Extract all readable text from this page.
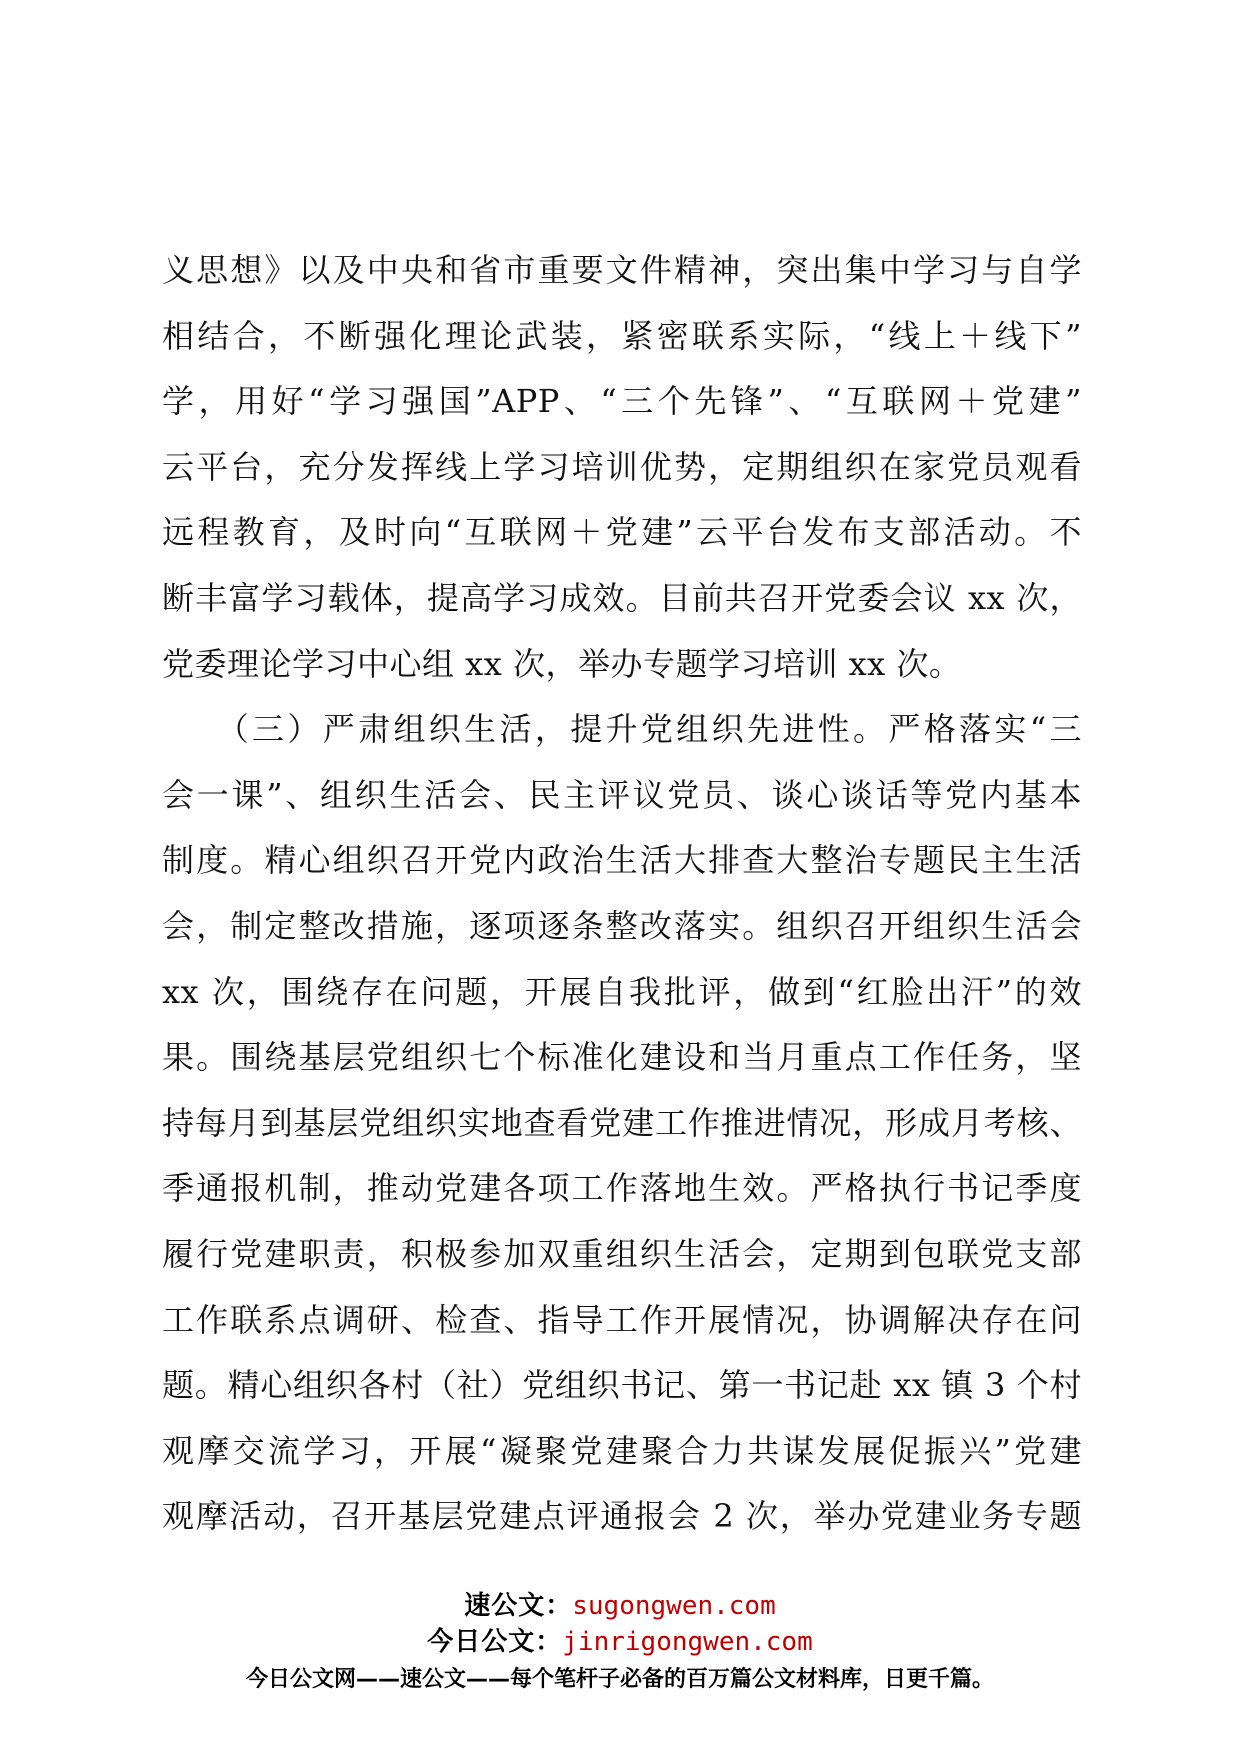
义思想》以及中央和省市重要文件精神，突出集中学习与自学
相结合，不断强化理论武装，紧密联系实际，“线上＋线下”
学，用好“学习强国”APP、“三个先锋”、“互联网＋党建”
云平台，充分发挥线上学习培训优势，定期组织在家党员观看
远程教育，及时向“互联网＋党建”云平台发布支部活动。不
断丰富学习载体，提高学习成效。目前共召开党委会议 xx 次，
党委理论学习中心组 xx 次，举办专题学习培训 xx 次。
　　（三）严肃组织生活，提升党组织先进性。严格落实“三
会一课”、组织生活会、民主评议党员、谈心谈话等党内基本
制度。精心组织召开党内政治生活大排查大整治专题民主生活
会，制定整改措施，逐项逐条整改落实。组织召开组织生活会
xx 次，围绕存在问题，开展自我批评，做到“红脸出汗”的效
果。围绕基层党组织七个标准化建设和当月重点工作任务，坚
持每月到基层党组织实地查看党建工作推进情况，形成月考核、
季通报机制，推动党建各项工作落地生效。严格执行书记季度
履行党建职责，积极参加双重组织生活会，定期到包联党支部
工作联系点调研、检查、指导工作开展情况，协调解决存在问
题。精心组织各村（社）党组织书记、第一书记赴 xx 镇 3 个村
观摩交流学习，开展“凝聚党建聚合力共谋发展促振兴”党建
观摩活动，召开基层党建点评通报会 2 次，举办党建业务专题
速公文：sugongwen.com
今日公文：jinrigongwen.com
今日公文网——速公文——每个笔杆子必备的百万篇公文材料库，日更千篇。
